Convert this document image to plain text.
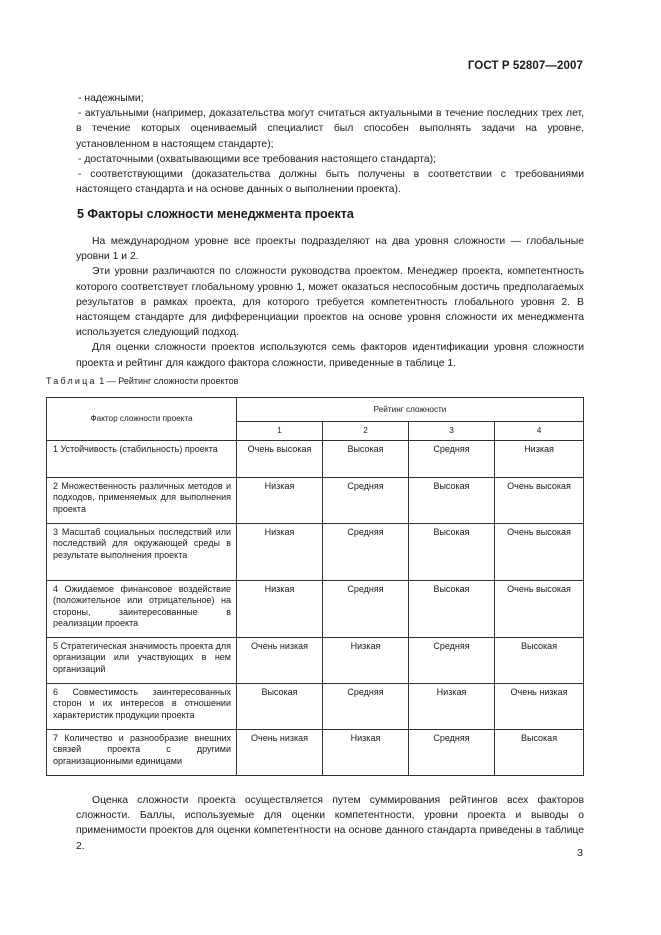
ГОСТ Р 52807—2007

- надежными;

- актуальными (например, доказательства могут считаться актуальными в течение последних трех лет, в течение которых оцениваемый специалист был способен выполнять задачи на уровне, установленном в настоящем стандарте);

- достаточными (охватывающими все требования настоящего стандарта);

- соответствующими (доказательства должны быть получены в соответствии с требованиями настоящего стандарта и на основе данных о выполнении проекта).

5 Факторы сложности менеджмента проекта

На международном уровне все проекты подразделяют на два уровня сложности — глобальные уровни 1 и 2.

Эти уровни различаются по сложности руководства проектом. Менеджер проекта, компетентность которого соответствует глобальному уровню 1, может оказаться неспособным достичь предполагаемых результатов в рамках проекта, для которого требуется компетентность глобального уровня 2. В настоящем стандарте для дифференциации проектов на основе уровня сложности их менеджмента используется следующий подход.

Для оценки сложности проектов используются семь факторов идентификации уровня сложности проекта и рейтинг для каждого фактора сложности, приведенные в таблице 1.

Таблица 1 — Рейтинг сложности проектов
Фактор сложности проекта	Рейтинг сложности			
	1	2	3	4
1 Устойчивость (стабильность) проекта	Очень высокая	Высокая	Средняя	Низкая
2 Множественность различных методов и подходов, применяемых для выполнения проекта	Низкая	Средняя	Высокая	Очень высокая
3 Масштаб социальных последствий или последствий для окружающей среды в результате выполнения проекта	Низкая	Средняя	Высокая	Очень высокая
4 Ожидаемое финансовое воздействие (положительное или отрицательное) на стороны, заинтересованные в реализации проекта	Низкая	Средняя	Высокая	Очень высокая
5 Стратегическая значимость проекта для организации или участвующих в нем организаций	Очень низкая	Низкая	Средняя	Высокая
6 Совместимость заинтересованных сторон и их интересов в отношении характеристик продукции проекта	Высокая	Средняя	Низкая	Очень низкая
7 Количество и разнообразие внешних связей проекта с другими организационными единицами	Очень низкая	Низкая	Средняя	Высокая

Оценка сложности проекта осуществляется путем суммирования рейтингов всех факторов сложности. Баллы, используемые для оценки компетентности, уровни проекта и выводы о применимости проектов для оценки компетентности на основе данного стандарта приведены в таблице 2.

3
